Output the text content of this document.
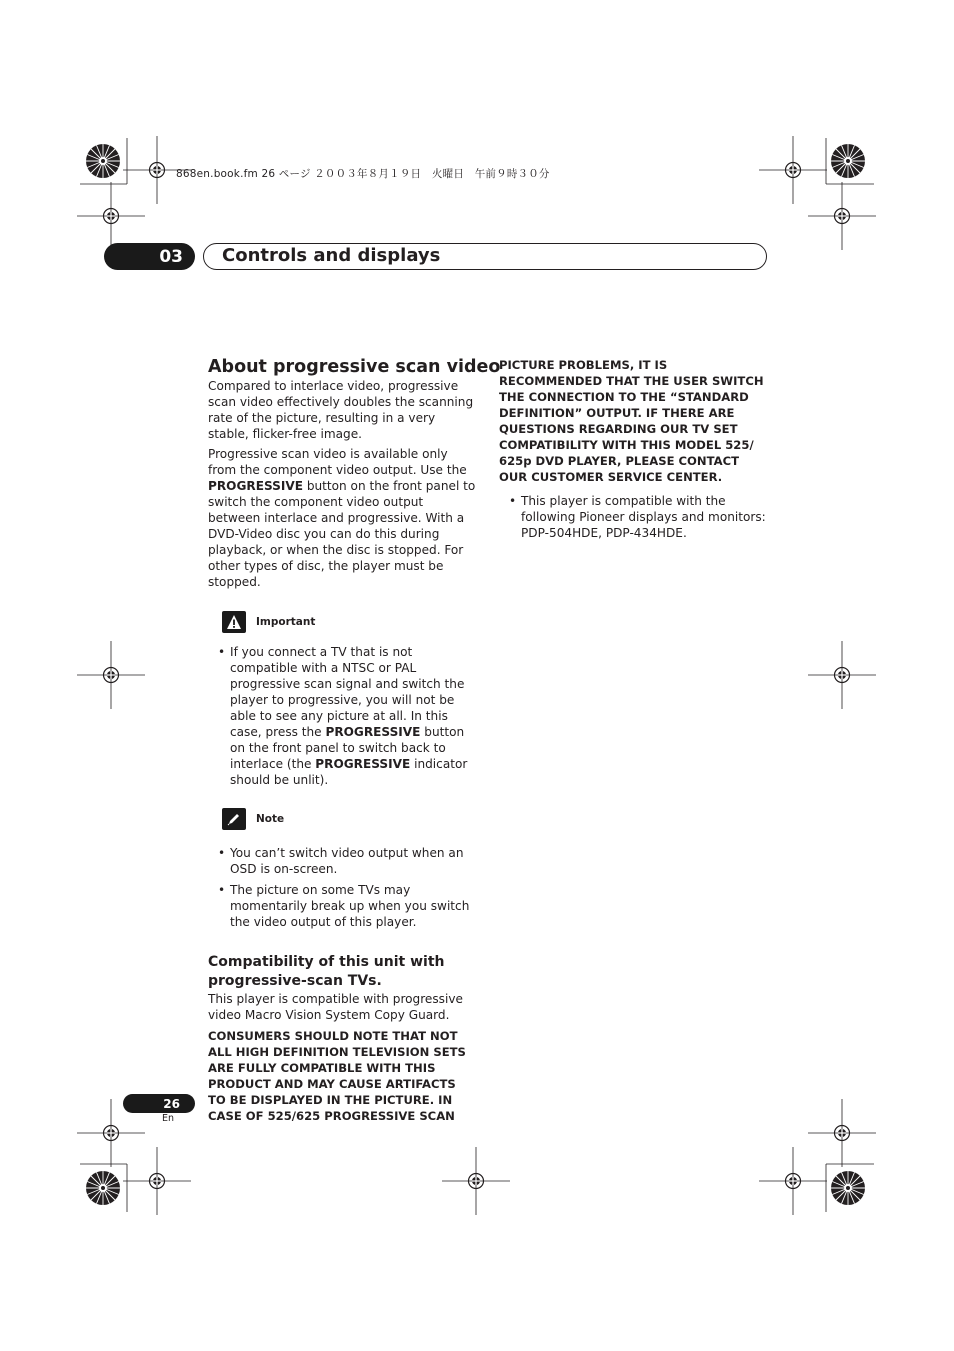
868en.book.fm 26 ページ ２００３年８月１９日　火曜日　午前９時３０分
03 Controls and displays
About progressive scan video

Compared to interlace video, progressive scan video effectively doubles the scanning rate of the picture, resulting in a very stable, flicker-free image.

Progressive scan video is available only from the component video output. Use the PROGRESSIVE button on the front panel to switch the component video output between interlace and progressive. With a DVD-Video disc you can do this during playback, or when the disc is stopped. For other types of disc, the player must be stopped.

Important
• If you connect a TV that is not compatible with a NTSC or PAL progressive scan signal and switch the player to progressive, you will not be able to see any picture at all. In this case, press the PROGRESSIVE button on the front panel to switch back to interlace (the PROGRESSIVE indicator should be unlit).
Note
• You can’t switch video output when an OSD is on-screen.
• The picture on some TVs may momentarily break up when you switch the video output of this player.
Compatibility of this unit with progressive-scan TVs.

This player is compatible with progressive video Macro Vision System Copy Guard.

CONSUMERS SHOULD NOTE THAT NOT ALL HIGH DEFINITION TELEVISION SETS ARE FULLY COMPATIBLE WITH THIS PRODUCT AND MAY CAUSE ARTIFACTS TO BE DISPLAYED IN THE PICTURE. IN CASE OF 525/625 PROGRESSIVE SCAN

PICTURE PROBLEMS, IT IS RECOMMENDED THAT THE USER SWITCH THE CONNECTION TO THE “STANDARD DEFINITION” OUTPUT. IF THERE ARE QUESTIONS REGARDING OUR TV SET COMPATIBILITY WITH THIS MODEL 525/ 625p DVD PLAYER, PLEASE CONTACT OUR CUSTOMER SERVICE CENTER.

• This player is compatible with the following Pioneer displays and monitors: PDP-504HDE, PDP-434HDE.
26
En
